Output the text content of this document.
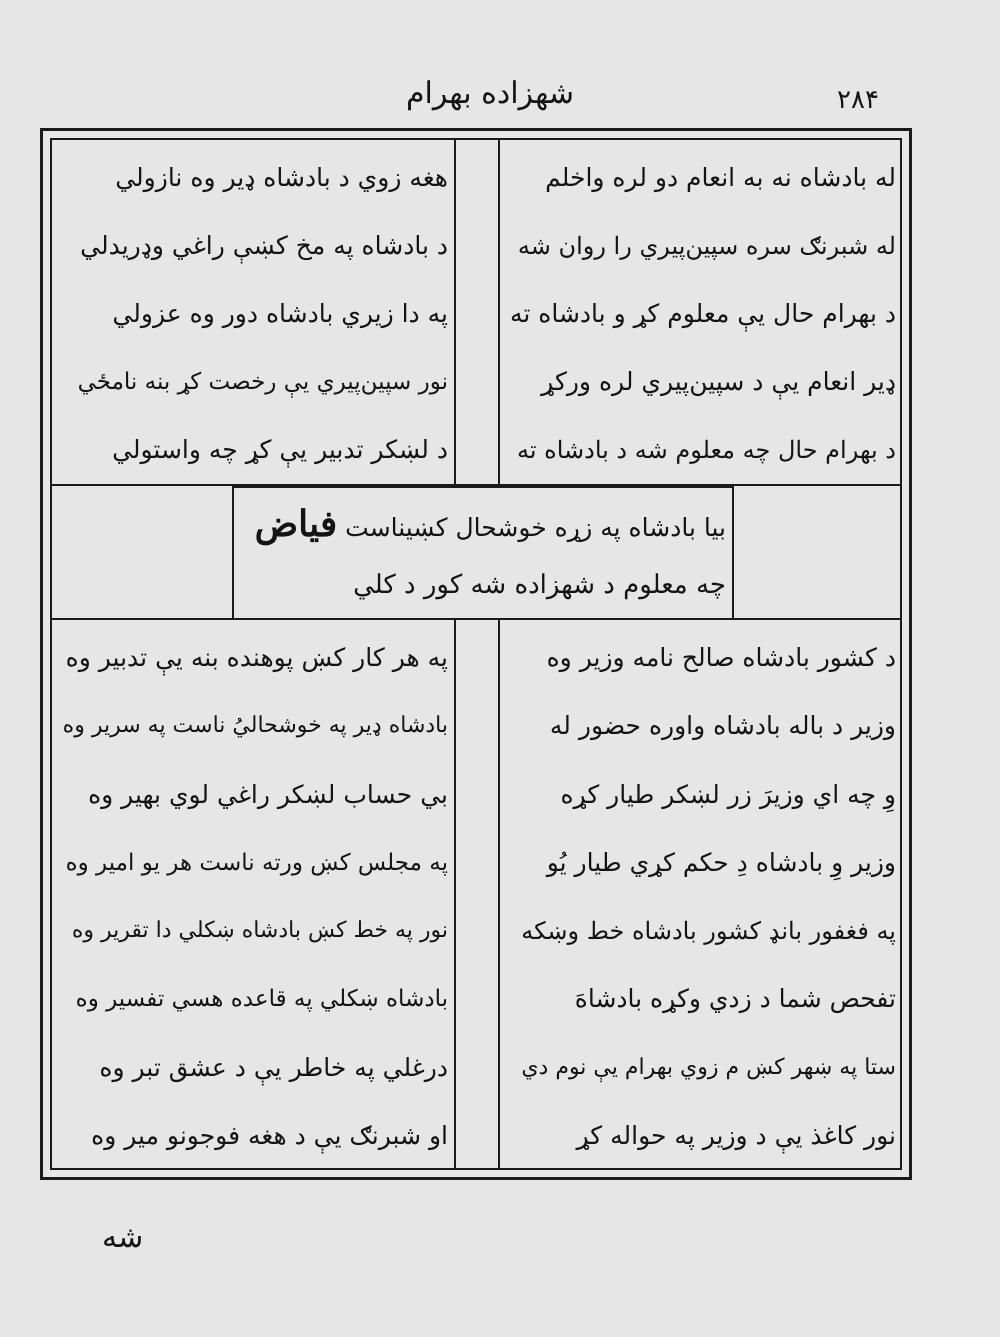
شهزاده بهرام	۲۸۴
له بادشاه نه به انعام دو لره واخلم
له شبرنګ سره سپين‌پيري را روان شه
د بهرام حال يې معلوم کړ و بادشاه ته
ډير انعام يې د سپين‌پيري لره ورکړ
د بهرام حال چه معلوم شه د بادشاه ته
هغه زوي د بادشاه ډير وه نازولي
د بادشاه په مخ کښې راغي وډريدلي
په دا زيري بادشاه دور وه عزولي
نور سپين‌پيري يې رخصت کړ بنه نامځي
د لښکر تدبير يې کړ چه واستولي
بيا بادشاه په زړه خوشحال کښيناست فياض
چه معلوم د شهزاده شه کور د کلي
د کشور بادشاه صالح نامه وزير وه
وزير د باله بادشاه واوره حضور له
وِ چه اي وزيرَ زر لښکر طيار کړه
وزير وِ بادشاه دِ حکم کړي طيار يُو
په فغفور بانډ کشور بادشاه خط وښکه
تفحص شما د زدي وکړه بادشاهَ
ستا په ښهر کښ م زوي بهرام يې نوم دي
نور کاغذ يې د وزير په حواله کړ
په هر کار کښ پوهنده بنه يې تدبير وه
بادشاه ډير په خوشحاليُ ناست په سرير وه
بي حساب لښکر راغي لوي بهير وه
په مجلس کښ ورته ناست هر يو امير وه
نور په خط کښ بادشاه ښکلي دا تقرير وه
بادشاه ښکلي په قاعده هسي تفسير وه
درغلي په خاطر يې د عشق تبر وه
او شبرنګ يې د هغه فوجونو مير وه
شه
